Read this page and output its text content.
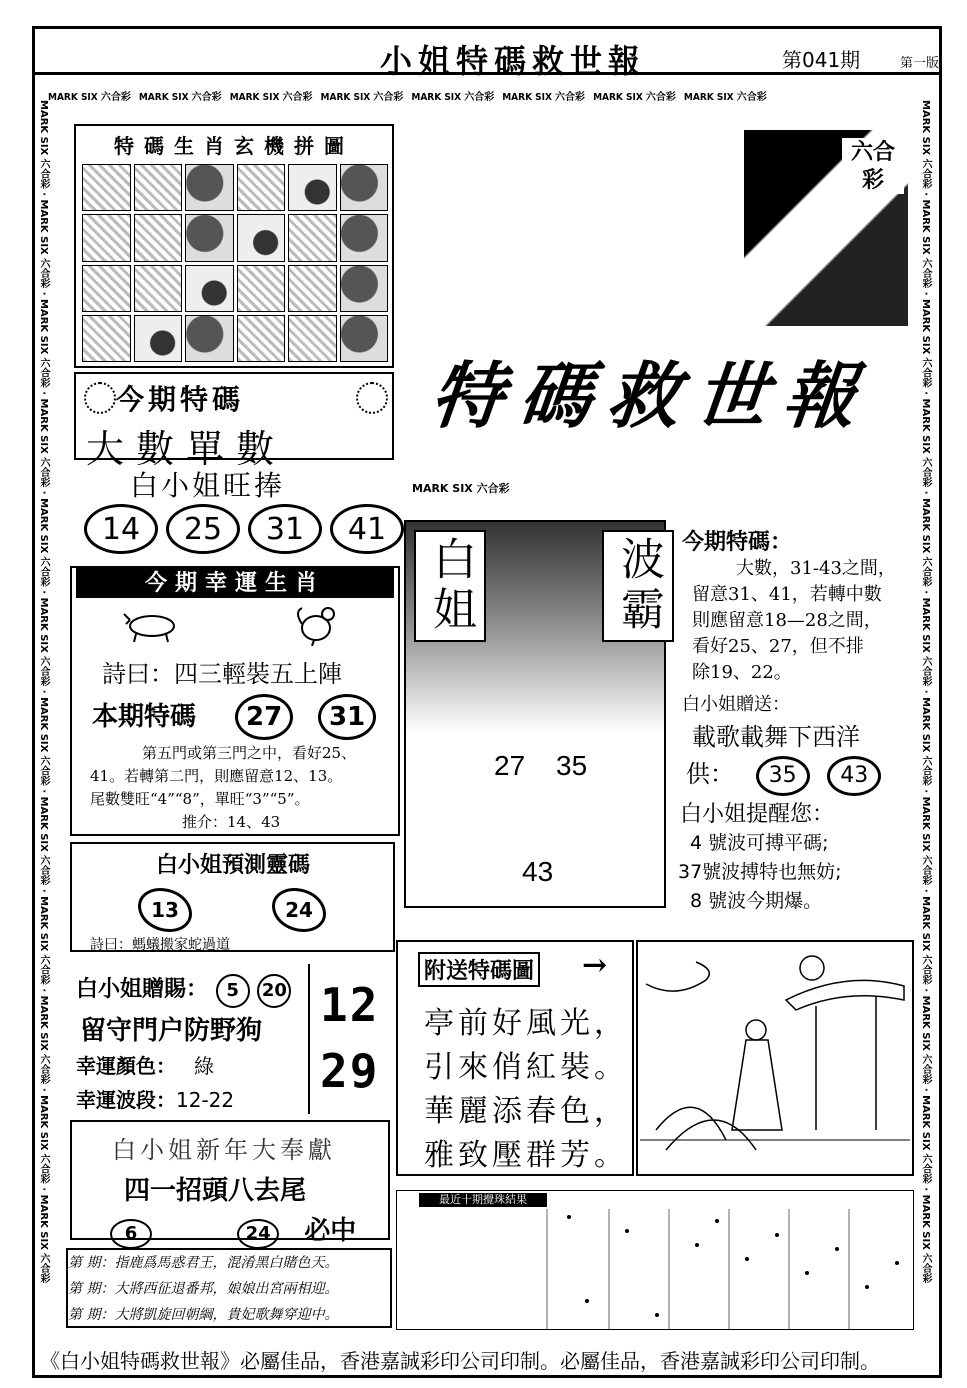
小姐特碼救世報	第041期	第一版
MARK SIX 六合彩 MARK SIX 六合彩 MARK SIX 六合彩 MARK SIX 六合彩 MARK SIX 六合彩 MARK SIX 六合彩 MARK SIX 六合彩 MARK SIX 六合彩
MARK SIX 六合彩 · MARK SIX 六合彩 · MARK SIX 六合彩 · MARK SIX 六合彩 · MARK SIX 六合彩 · MARK SIX 六合彩 · MARK SIX 六合彩 · MARK SIX 六合彩 · MARK SIX 六合彩 · MARK SIX 六合彩 · MARK SIX 六合彩 · MARK SIX 六合彩
MARK SIX 六合彩 · MARK SIX 六合彩 · MARK SIX 六合彩 · MARK SIX 六合彩 · MARK SIX 六合彩 · MARK SIX 六合彩 · MARK SIX 六合彩 · MARK SIX 六合彩 · MARK SIX 六合彩 · MARK SIX 六合彩 · MARK SIX 六合彩 · MARK SIX 六合彩
特碼生肖玄機拼圖
今期特碼
大數單數
白小姐旺捧
14	25	31	41
今期幸運生肖
詩曰：四三輕裝五上陣
本期特碼 27 31
第五門或第三門之中，看好25、
41。若轉第二門，則應留意12、13。
尾數雙旺“4”“8”，單旺“3”“5”。
推介：14、43
白小姐預測靈碼
13	24
詩曰：螞蟻搬家蛇過道
白小姐贈賜： 5 20
留守門户防野狗
幸運顏色： 綠
幸運波段：12-22
12
29
白小姐新年大奉獻
四一招頭八去尾
6	24 必中
第 期：指鹿爲馬惑君王，混淆黑白賭色天。
第 期：大將西征退番邦，娘娘出宮兩相迎。
第 期：大將凱旋回朝綱，貴妃歌舞穿迎中。
六合彩
特碼救世報
MARK SIX 六合彩
白姐	波霸
27 35
43
今期特碼：
大數，31-43之間，
留意31、41，若轉中數
則應留意18—28之間，
看好25、27，但不排
除19、22。
白小姐贈送：
載歌載舞下西洋
供： 35 43
白小姐提醒您：
4 號波可搏平碼;
37號波搏特也無妨;
8 號波今期爆。
附送特碼圖 →
亭前好風光，
引來俏紅裝。
華麗添春色，
雅致壓群芳。
最近十期攪珠結果
《白小姐特碼救世報》必屬佳品，香港嘉誠彩印公司印制。必屬佳品，香港嘉誠彩印公司印制。
